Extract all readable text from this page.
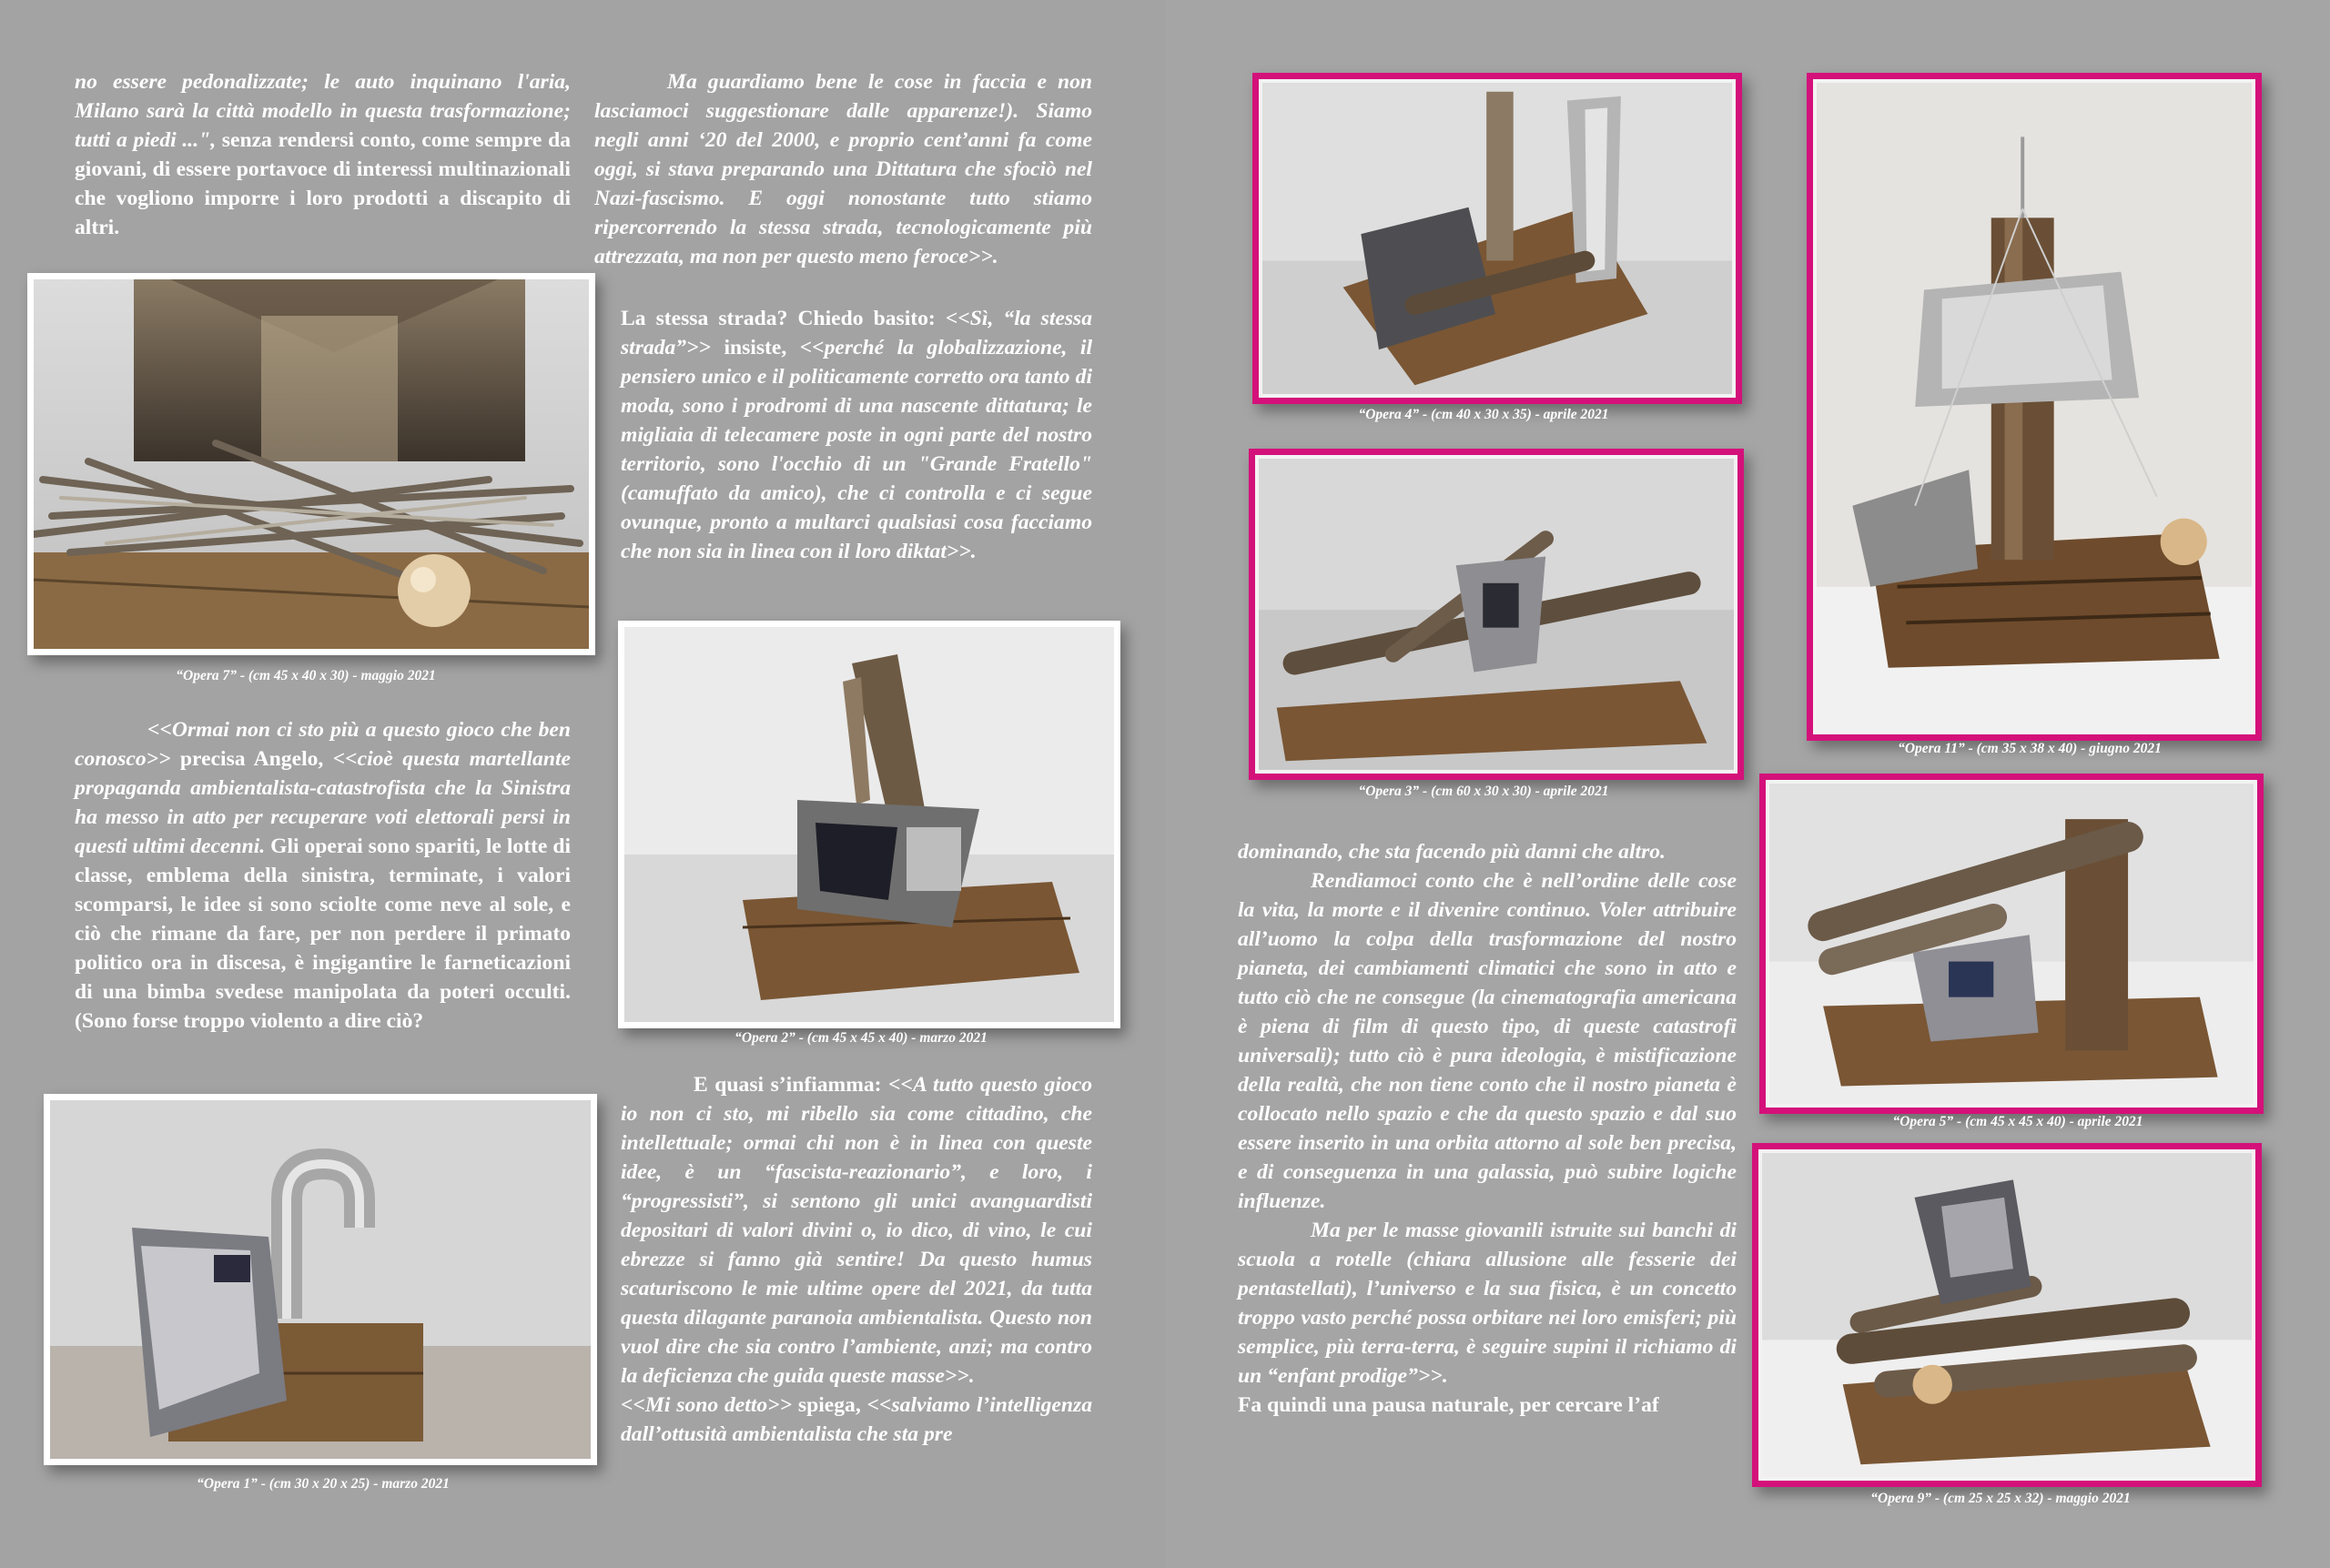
no essere pedonalizzate; le auto inquinano l'aria, Milano sarà la città modello in questa trasformazione; tutti a piedi ...", senza rendersi conto, come sempre da giovani, di essere portavoce di interessi multinazionali che vogliono imporre i loro prodotti a discapito di altri.

“Opera 7” - (cm 45 x 40 x 30) - maggio 2021

<<Ormai non ci sto più a questo gioco che ben conosco>> precisa Angelo, <<cioè questa martellante propaganda ambientalista-catastrofista che la Sinistra ha messo in atto per recuperare voti elettorali persi in questi ultimi decenni. Gli operai sono spariti, le lotte di classe, emblema della sinistra, terminate, i valori scomparsi, le idee si sono sciolte come neve al sole, e ciò che rimane da fare, per non perdere il primato politico ora in discesa, è ingigantire le farneticazioni di una bimba svedese manipolata da poteri occulti. (Sono forse troppo violento a dire ciò?

“Opera 1” - (cm 30 x 20 x 25) - marzo 2021

Ma guardiamo bene le cose in faccia e non lasciamoci suggestionare dalle apparenze!). Siamo negli anni ‘20 del 2000, e proprio cent’anni fa come oggi, si stava preparando una Dittatura che sfociò nel Nazi-fascismo. E oggi nonostante tutto stiamo ripercorrendo la stessa strada, tecnologicamente più attrezzata, ma non per questo meno feroce>>.

La stessa strada? Chiedo basito: <<Sì, “la stessa strada”>> insiste, <<perché la globalizzazione, il pensiero unico e il politicamente corretto ora tanto di moda, sono i prodromi di una nascente dittatura; le migliaia di telecamere poste in ogni parte del nostro territorio, sono l'occhio di un "Grande Fratello" (camuffato da amico), che ci controlla e ci segue ovunque, pronto a multarci qualsiasi cosa facciamo che non sia in linea con il loro diktat>>.

“Opera 2” - (cm 45 x 45 x 40) - marzo 2021

E quasi s’infiamma: <<A tutto questo gioco io non ci sto, mi ribello sia come cittadino, che intellettuale; ormai chi non è in linea con queste idee, è un “fascista-reazionario”, e loro, i “progressisti”, si sentono gli unici avanguardisti depositari di valori divini o, io dico, di vino, le cui ebrezze si fanno già sentire! Da questo humus scaturiscono le mie ultime opere del 2021, da tutta questa dilagante paranoia ambientalista. Questo non vuol dire che sia contro l’ambiente, anzi; ma contro la deficienza che guida queste masse>>.

<<Mi sono detto>> spiega, <<salviamo l’intelligenza dall’ottusità ambientalista che sta pre

“Opera 4” - (cm 40 x 30 x 35) - aprile 2021
“Opera 3” - (cm 60 x 30 x 30) - aprile 2021
“Opera 11” - (cm 35 x 38 x 40) - giugno 2021
“Opera 5” - (cm 45 x 45 x 40) - aprile 2021
“Opera 9” - (cm 25 x 25 x 32) - maggio 2021

dominando, che sta facendo più danni che altro.

Rendiamoci conto che è nell’ordine delle cose la vita, la morte e il divenire continuo. Voler attribuire all’uomo la colpa della trasformazione del nostro pianeta, dei cambiamenti climatici che sono in atto e tutto ciò che ne consegue (la cinematografia americana è piena di film di questo tipo, di queste catastrofi universali); tutto ciò è pura ideologia, è mistificazione della realtà, che non tiene conto che il nostro pianeta è collocato nello spazio e che da questo spazio e dal suo essere inserito in una orbita attorno al sole ben precisa, e di conseguenza in una galassia, può subire logiche influenze.

Ma per le masse giovanili istruite sui banchi di scuola a rotelle (chiara allusione alle fesserie dei pentastellati), l’universo e la sua fisica, è un concetto troppo vasto perché possa orbitare nei loro emisferi; più semplice, più terra-terra, è seguire supini il richiamo di un “enfant prodige”>>.

Fa quindi una pausa naturale, per cercare l’af
